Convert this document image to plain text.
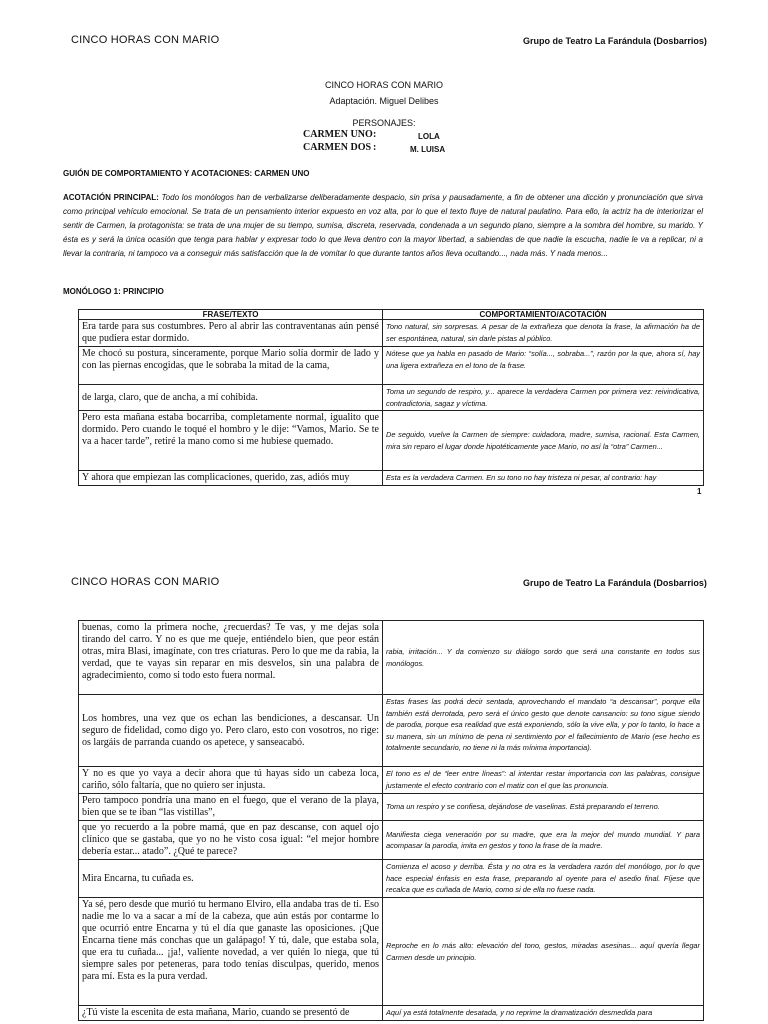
CINCO HORAS CON MARIO	Grupo de Teatro La Farándula (Dosbarrios)
CINCO HORAS CON MARIO
Adaptación. Miguel Delibes
PERSONAJES:
CARMEN UNO :	LOLA
CARMEN DOS :	M. LUISA
GUIÓN DE COMPORTAMIENTO Y ACOTACIONES: CARMEN UNO
ACOTACIÓN PRINCIPAL: Todo los monólogos han de verbalizarse deliberadamente despacio, sin prisa y pausadamente, a fin de obtener una dicción y pronunciación que sirva como principal vehículo emocional. Se trata de un pensamiento interior expuesto en voz alta, por lo que el texto fluye de natural paulatino. Para ello, la actriz ha de interiorizar el sentir de Carmen, la protagonista: se trata de una mujer de su tiempo, sumisa, discreta, reservada, condenada a un segundo plano, siempre a la sombra del hombre, su marido. Y ésta es y será la única ocasión que tenga para hablar y expresar todo lo que lleva dentro con la mayor libertad, a sabiendas de que nadie la escucha, nadie le va a replicar, ni a llevar la contraria, ni tampoco va a conseguir más satisfacción que la de vomitar lo que durante tantos años lleva ocultando..., nada más. Y nada menos...
MONÓLOGO 1: PRINCIPIO
FRASE/TEXTO	COMPORTAMIENTO/ACOTACIÓN
Era tarde para sus costumbres. Pero al abrir las contraventanas aún pensé que pudiera estar dormido.	Tono natural, sin sorpresas. A pesar de la extrañeza que denota la frase, la afirmación ha de ser espontánea, natural, sin darle pistas al público.
Me chocó su postura, sinceramente, porque Mario solía dormir de lado y con las piernas encogidas, que le sobraba la mitad de la cama,	Nótese que ya habla en pasado de Mario: “solía..., sobraba...”, razón por la que, ahora sí, hay una ligera extrañeza en el tono de la frase.
de larga, claro, que de ancha, a mí cohibida.	Toma un segundo de respiro, y... aparece la verdadera Carmen por primera vez: reivindicativa, contradictoria, sagaz y víctima.
Pero esta mañana estaba bocarriba, completamente normal, igualito que dormido. Pero cuando le toqué el hombro y le dije: “Vamos, Mario. Se te va a hacer tarde”, retiré la mano como si me hubiese quemado.	De seguido, vuelve la Carmen de siempre: cuidadora, madre, sumisa, racional. Esta Carmen, mira sin reparo el lugar donde hipotéticamente yace Mario, no así la “otra” Carmen...
Y ahora que empiezan las complicaciones, querido, zas, adiós muy	Esta es la verdadera Carmen. En su tono no hay tristeza ni pesar, al contrario: hay
1
CINCO HORAS CON MARIO	Grupo de Teatro La Farándula (Dosbarrios)
buenas, como la primera noche, ¿recuerdas? Te vas, y me dejas sola tirando del carro. Y no es que me queje, entiéndelo bien, que peor están otras, mira Blasi, imagínate, con tres criaturas. Pero lo que me da rabia, la verdad, que te vayas sin reparar en mis desvelos, sin una palabra de agradecimiento, como si todo esto fuera normal.	rabia, irritación... Y da comienzo su diálogo sordo que será una constante en todos sus monólogos.
Los hombres, una vez que os echan las bendiciones, a descansar. Un seguro de fidelidad, como digo yo. Pero claro, esto con vosotros, no rige: os largáis de parranda cuando os apetece, y sanseacabó.	Estas frases las podrá decir sentada, aprovechando el mandato “a descansar”, porque ella también está derrotada, pero será el único gesto que denote cansancio: su tono sigue siendo de parodia, porque esa realidad que está exponiendo, sólo la vive ella, y por lo tanto, lo hace a su manera, sin un mínimo de pena ni sentimiento por el fallecimiento de Mario (ese hecho es totalmente secundario, no tiene ni la más mínima importancia).
Y no es que yo vaya a decir ahora que tú hayas sido un cabeza loca, cariño, sólo faltaría, que no quiero ser injusta.	El tono es el de “leer entre líneas”: al intentar restar importancia con las palabras, consigue justamente el efecto contrario con el matiz con el que las pronuncia.
Pero tampoco pondría una mano en el fuego, que el verano de la playa, bien que se te iban “las vistillas”,	Toma un respiro y se confiesa, dejándose de vaselinas. Está preparando el terreno.
que yo recuerdo a la pobre mamá, que en paz descanse, con aquel ojo clínico que se gastaba, que yo no he visto cosa igual: “el mejor hombre debería estar... atado”. ¿Qué te parece?	Manifiesta ciega veneración por su madre, que era la mejor del mundo mundial. Y para acompasar la parodia, imita en gestos y tono la frase de la madre.
Mira Encarna, tu cuñada es.	Comienza el acoso y derriba. Ésta y no otra es la verdadera razón del monólogo, por lo que hace especial énfasis en esta frase, preparando al oyente para el asedio final. Fíjese que recalca que es cuñada de Mario, como si de ella no fuese nada.
Ya sé, pero desde que murió tu hermano Elviro, ella andaba tras de ti. Eso nadie me lo va a sacar a mí de la cabeza, que aún estás por contarme lo que ocurrió entre Encarna y tú el día que ganaste las oposiciones. ¡Que Encarna tiene más conchas que un galápago! Y tú, dale, que estaba sola, que era tu cuñada... ¡ja!, valiente novedad, a ver quién lo niega, que tú siempre sales por peteneras, para todo tenías disculpas, querido, menos para mí. Esta es la pura verdad.	Reproche en lo más alto: elevación del tono, gestos, miradas asesinas... aquí quería llegar Carmen desde un principio.
¿Tú viste la escenita de esta mañana, Mario, cuando se presentó de	Aquí ya está totalmente desatada, y no reprime la dramatización desmedida para
